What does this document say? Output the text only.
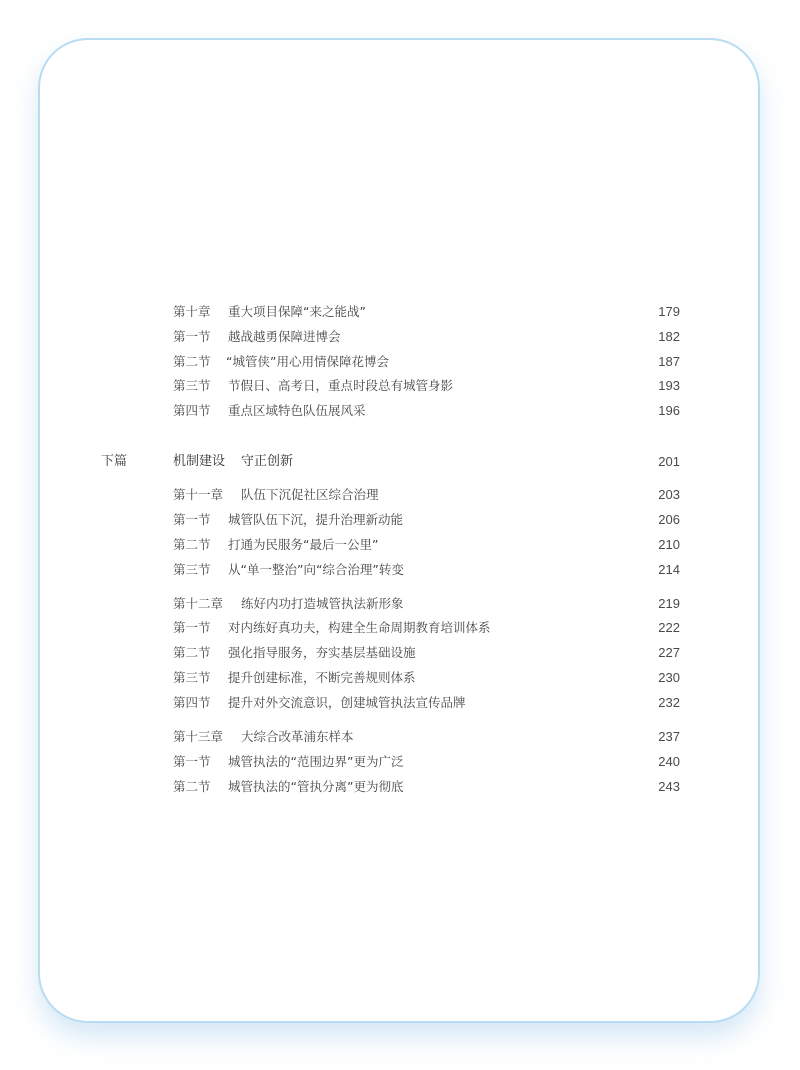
第十章 重大项目保障“来之能战”	179
第一节 越战越勇保障进博会	182
第二节 “城管侠”用心用情保障花博会	187
第三节 节假日、高考日，重点时段总有城管身影	193
第四节 重点区域特色队伍展风采	196
下篇	机制建设 守正创新	201
第十一章 队伍下沉促社区综合治理	203
第一节 城管队伍下沉，提升治理新动能	206
第二节 打通为民服务“最后一公里”	210
第三节 从“单一整治”向“综合治理”转变	214
第十二章 练好内功打造城管执法新形象	219
第一节 对内练好真功夫，构建全生命周期教育培训体系	222
第二节 强化指导服务，夯实基层基础设施	227
第三节 提升创建标准，不断完善规则体系	230
第四节 提升对外交流意识，创建城管执法宣传品牌	232
第十三章 大综合改革浦东样本	237
第一节 城管执法的“范围边界”更为广泛	240
第二节 城管执法的“管执分离”更为彻底	243
